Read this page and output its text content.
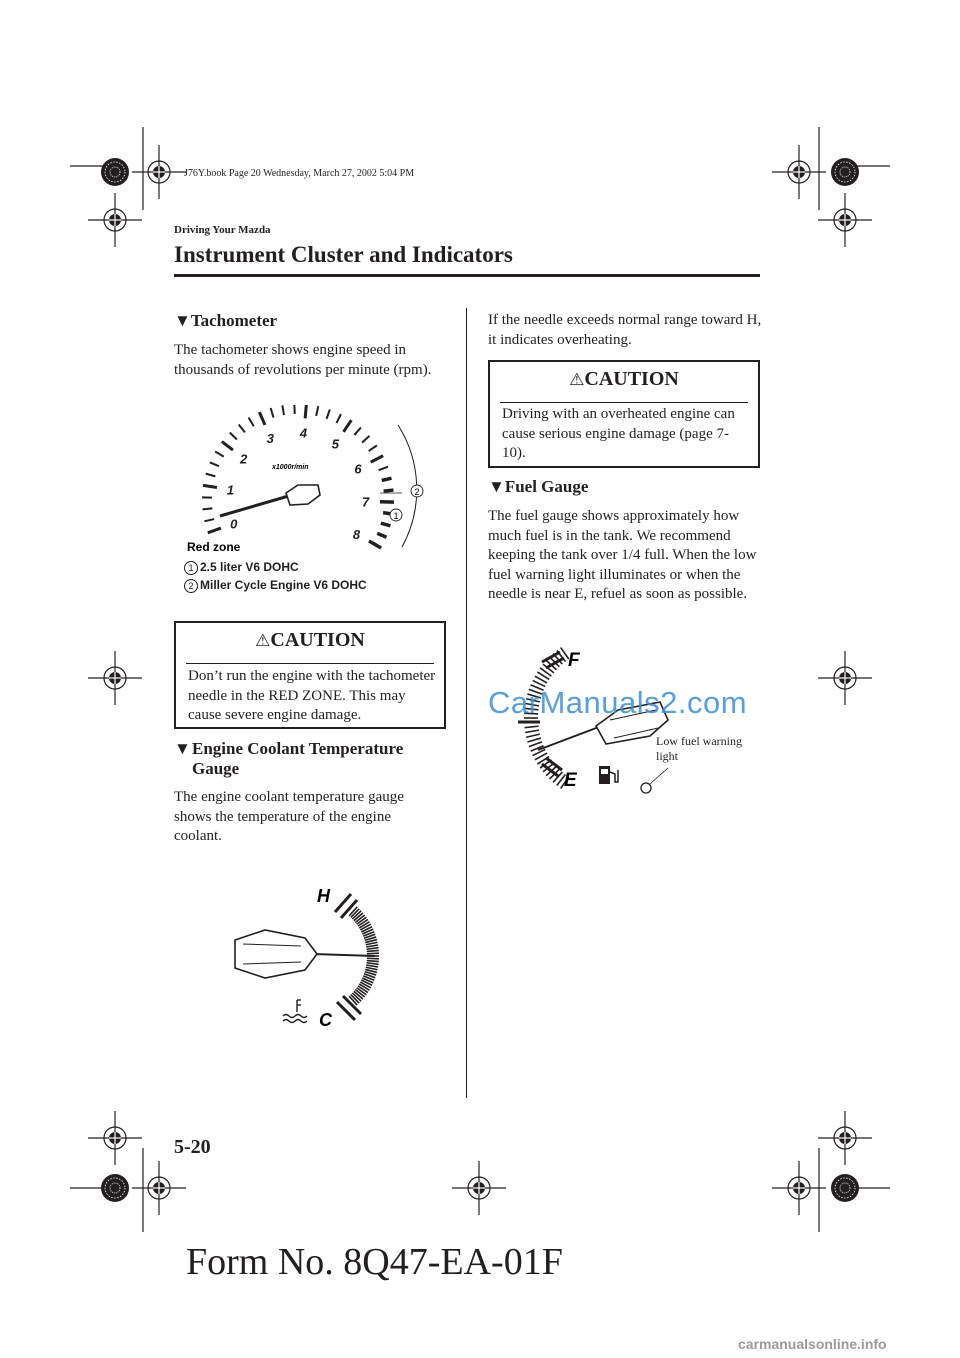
J76Y.book Page 20 Wednesday, March 27, 2002 5:04 PM
Driving Your Mazda
Instrument Cluster and Indicators
▼Tachometer
The tachometer shows engine speed in thousands of revolutions per minute (rpm).
0
1
2
3 4
5
6
7
8
x1000r/min
2
1
Red zone
1 2.5 liter V6 DOHC
2 Miller Cycle Engine V6 DOHC
⚠CAUTION
Don’t run the engine with the tachometer needle in the RED ZONE. This may cause severe engine damage.
▼ Engine Coolant Temperature Gauge
The engine coolant temperature gauge shows the temperature of the engine coolant.
H
C
If the needle exceeds normal range toward H, it indicates overheating.
⚠CAUTION
Driving with an overheated engine can cause serious engine damage (page 7-10).
▼Fuel Gauge
The fuel gauge shows approximately how much fuel is in the tank. We recommend keeping the tank over 1/4 full. When the low fuel warning light illuminates or when the needle is near E, refuel as soon as possible.
F
E
Low fuel warning light
CarManuals2.com
5-20
Form No. 8Q47-EA-01F
carmanualsonline.info
